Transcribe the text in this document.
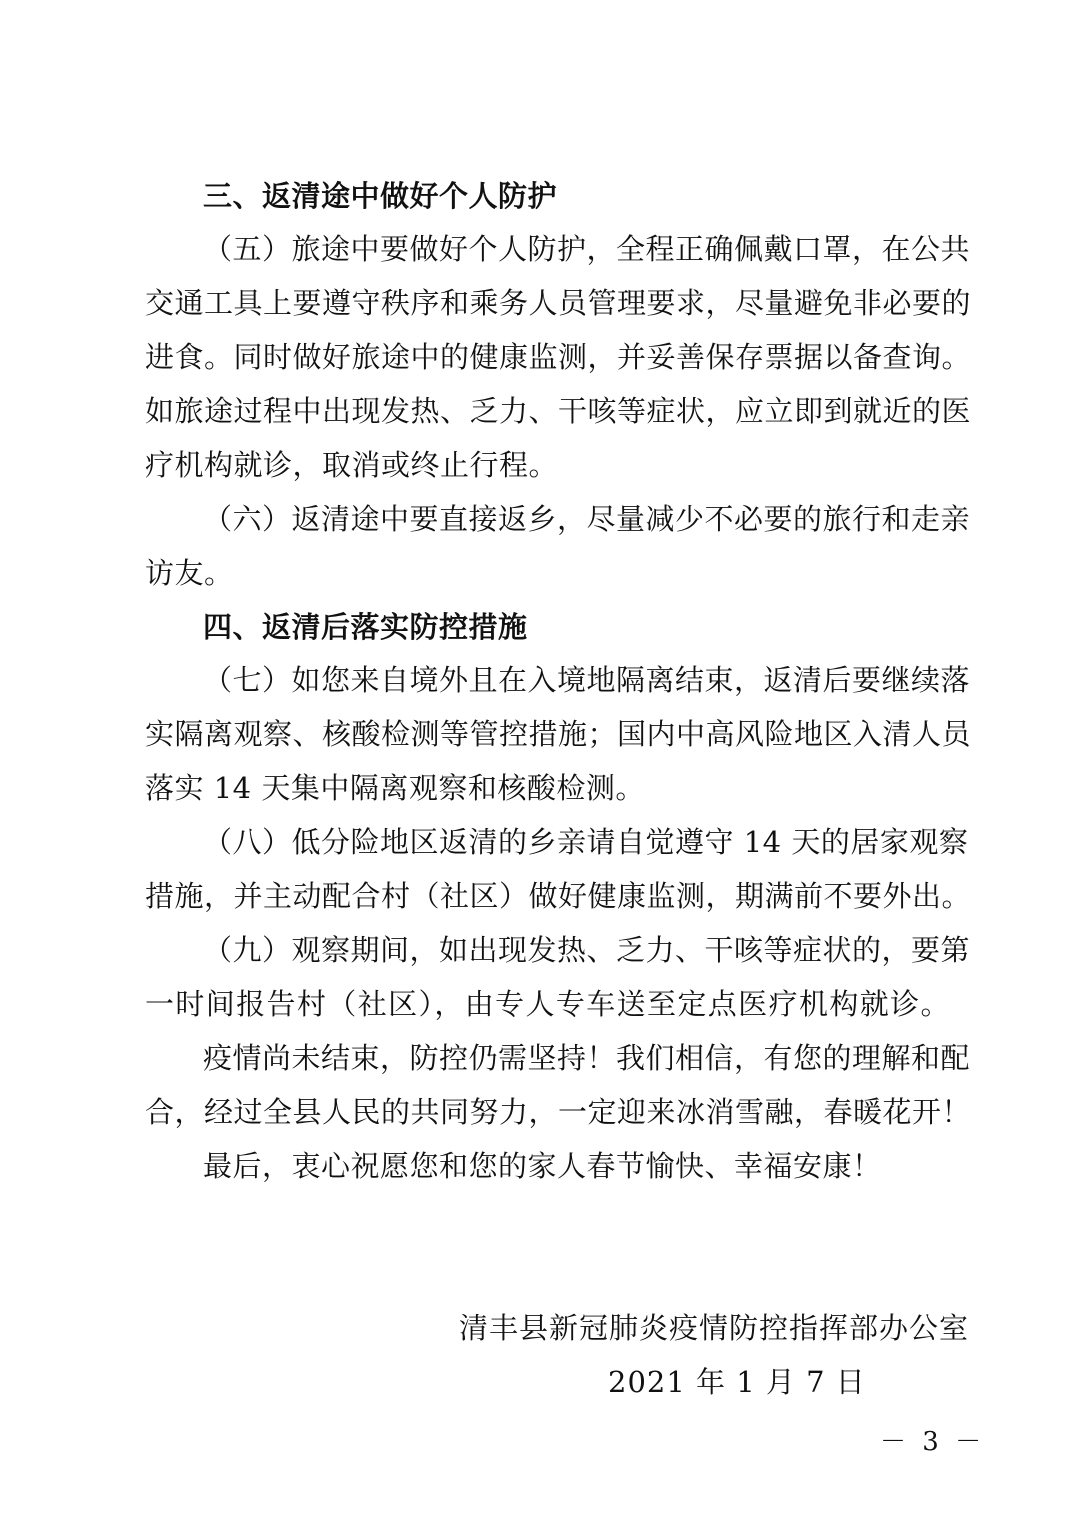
三、返清途中做好个人防护
（五）旅途中要做好个人防护，全程正确佩戴口罩，在公共
交通工具上要遵守秩序和乘务人员管理要求，尽量避免非必要的
进食。同时做好旅途中的健康监测，并妥善保存票据以备查询。
如旅途过程中出现发热、乏力、干咳等症状，应立即到就近的医
疗机构就诊，取消或终止行程。
（六）返清途中要直接返乡，尽量减少不必要的旅行和走亲
访友。
四、返清后落实防控措施
（七）如您来自境外且在入境地隔离结束，返清后要继续落
实隔离观察、核酸检测等管控措施；国内中高风险地区入清人员
落实 14 天集中隔离观察和核酸检测。
（八）低分险地区返清的乡亲请自觉遵守 14 天的居家观察
措施，并主动配合村（社区）做好健康监测，期满前不要外出。
（九）观察期间，如出现发热、乏力、干咳等症状的，要第
一时间报告村（社区），由专人专车送至定点医疗机构就诊。
疫情尚未结束，防控仍需坚持！我们相信，有您的理解和配
合，经过全县人民的共同努力，一定迎来冰消雪融，春暖花开！
最后，衷心祝愿您和您的家人春节愉快、幸福安康！
清丰县新冠肺炎疫情防控指挥部办公室
2021 年 1 月 7 日
－ 3 －
